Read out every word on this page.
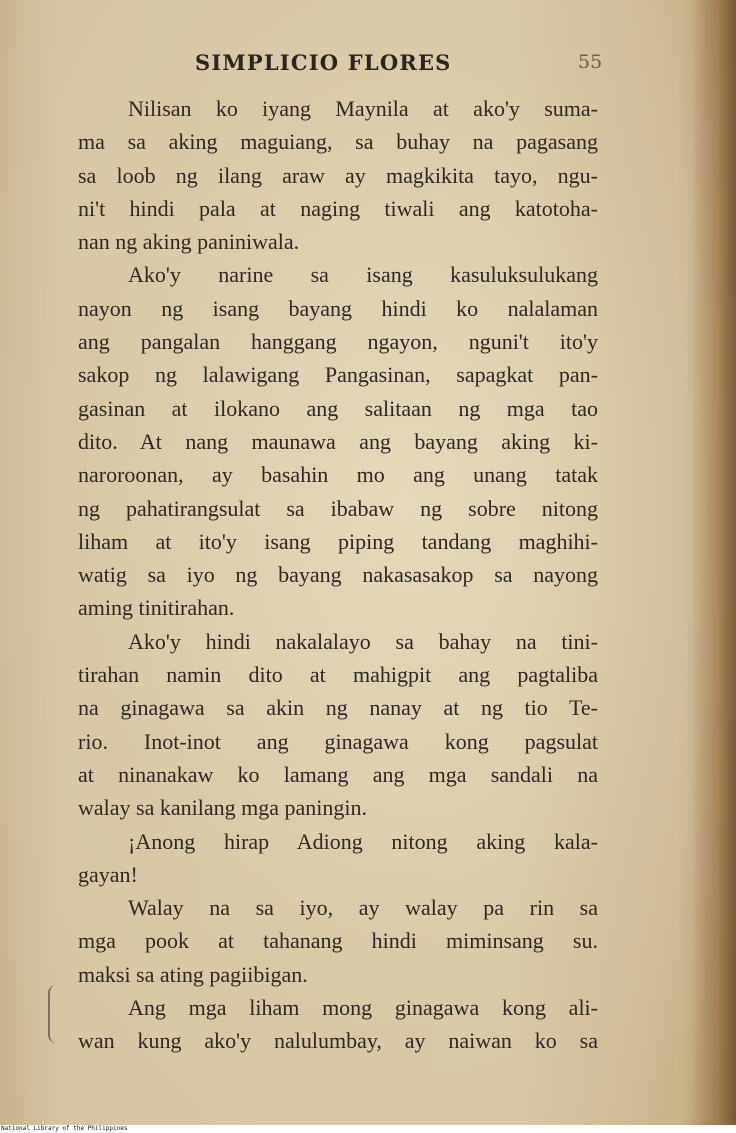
SIMPLICIO FLORES	55
Nilisan ko iyang Maynila at ako'y suma-
ma sa aking maguiang, sa buhay na pagasang
sa loob ng ilang araw ay magkikita tayo, ngu-
ni't hindi pala at naging tiwali ang katotoha-
nan ng aking paniniwala.
Ako'y narine sa isang kasuluksulukang
nayon ng isang bayang hindi ko nalalaman
ang pangalan hanggang ngayon, nguni't ito'y
sakop ng lalawigang Pangasinan, sapagkat pan-
gasinan at ilokano ang salitaan ng mga tao
dito. At nang maunawa ang bayang aking ki-
naroroonan, ay basahin mo ang unang tatak
ng pahatirangsulat sa ibabaw ng sobre nitong
liham at ito'y isang piping tandang maghihi-
watig sa iyo ng bayang nakasasakop sa nayong
aming tinitirahan.
Ako'y hindi nakalalayo sa bahay na tini-
tirahan namin dito at mahigpit ang pagtaliba
na ginagawa sa akin ng nanay at ng tio Te-
rio. Inot-inot ang ginagawa kong pagsulat
at ninanakaw ko lamang ang mga sandali na
walay sa kanilang mga paningin.
¡Anong hirap Adiong nitong aking kala-
gayan!
Walay na sa iyo, ay walay pa rin sa
mga pook at tahanang hindi miminsang su.
maksi sa ating pagiibigan.
Ang mga liham mong ginagawa kong ali-
wan kung ako'y nalulumbay, ay naiwan ko sa
National Library of the Philippines
